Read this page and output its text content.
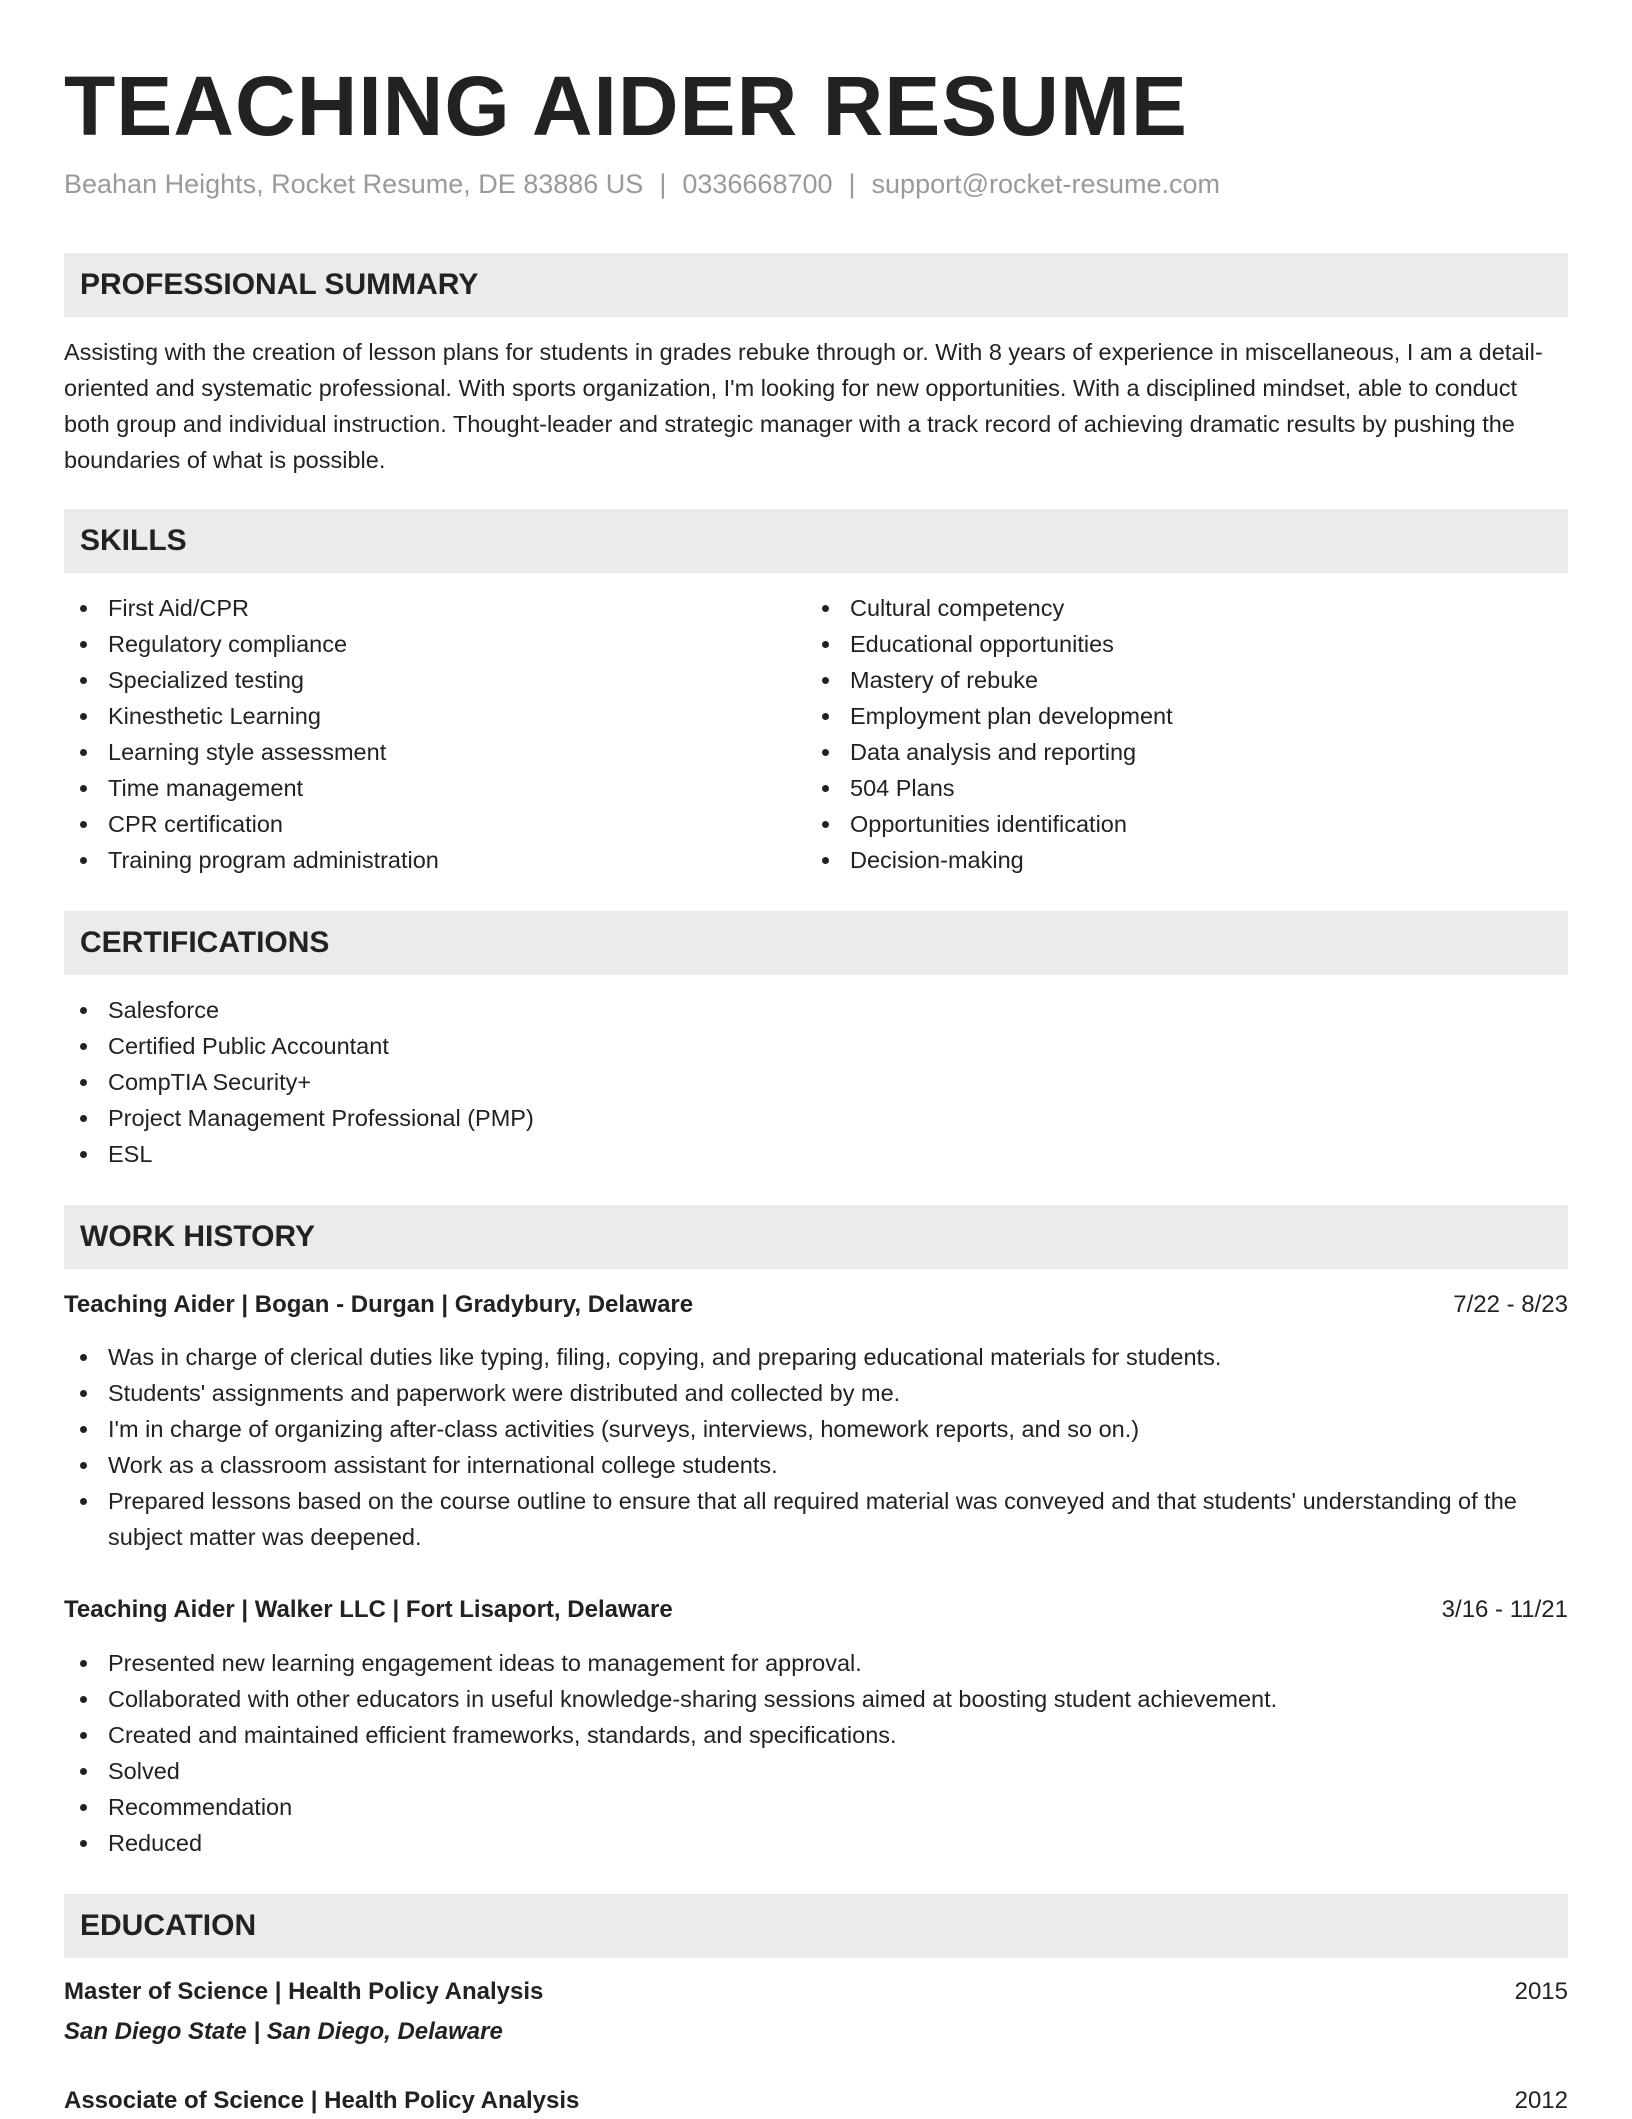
TEACHING AIDER RESUME
Beahan Heights, Rocket Resume, DE 83886 US | 0336668700 | support@rocket-resume.com
PROFESSIONAL SUMMARY
Assisting with the creation of lesson plans for students in grades rebuke through or. With 8 years of experience in miscellaneous, I am a detail-oriented and systematic professional. With sports organization, I'm looking for new opportunities. With a disciplined mindset, able to conduct both group and individual instruction. Thought-leader and strategic manager with a track record of achieving dramatic results by pushing the boundaries of what is possible.
SKILLS
First Aid/CPR
Regulatory compliance
Specialized testing
Kinesthetic Learning
Learning style assessment
Time management
CPR certification
Training program administration
Cultural competency
Educational opportunities
Mastery of rebuke
Employment plan development
Data analysis and reporting
504 Plans
Opportunities identification
Decision-making
CERTIFICATIONS
Salesforce
Certified Public Accountant
CompTIA Security+
Project Management Professional (PMP)
ESL
WORK HISTORY
Teaching Aider | Bogan - Durgan | Gradybury, Delaware	7/22 - 8/23
Was in charge of clerical duties like typing, filing, copying, and preparing educational materials for students.
Students' assignments and paperwork were distributed and collected by me.
I'm in charge of organizing after-class activities (surveys, interviews, homework reports, and so on.)
Work as a classroom assistant for international college students.
Prepared lessons based on the course outline to ensure that all required material was conveyed and that students' understanding of the subject matter was deepened.
Teaching Aider | Walker LLC | Fort Lisaport, Delaware	3/16 - 11/21
Presented new learning engagement ideas to management for approval.
Collaborated with other educators in useful knowledge-sharing sessions aimed at boosting student achievement.
Created and maintained efficient frameworks, standards, and specifications.
Solved
Recommendation
Reduced
EDUCATION
Master of Science | Health Policy Analysis	2015
San Diego State | San Diego, Delaware
Associate of Science | Health Policy Analysis	2012
